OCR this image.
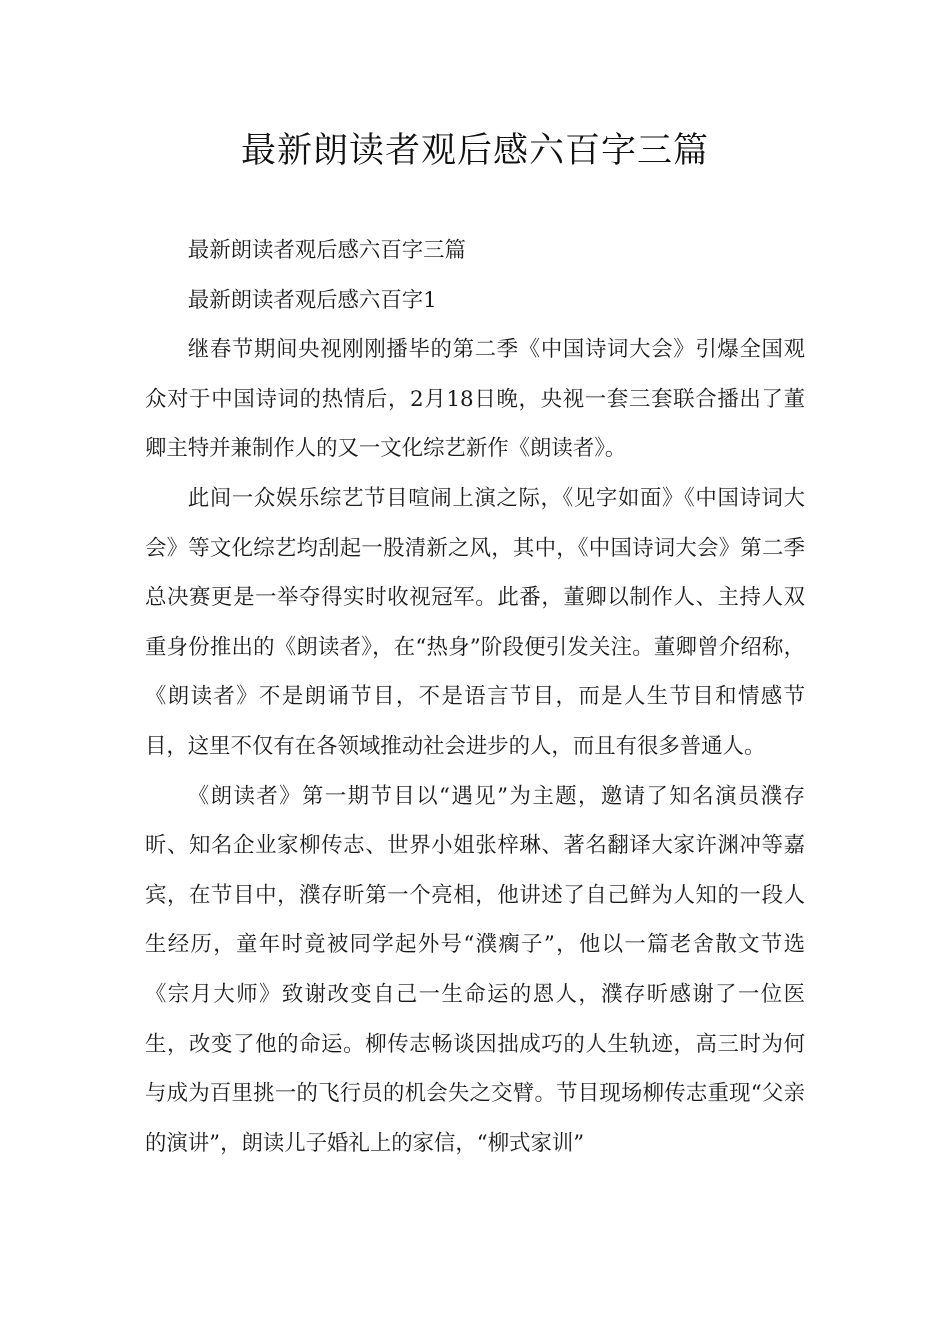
最新朗读者观后感六百字三篇

最新朗读者观后感六百字三篇

最新朗读者观后感六百字1

继春节期间央视刚刚播毕的第二季《中国诗词大会》引爆全国观众对于中国诗词的热情后，2月18日晚，央视一套三套联合播出了董卿主特并兼制作人的又一文化综艺新作《朗读者》。

此间一众娱乐综艺节目喧闹上演之际，《见字如面》《中国诗词大会》等文化综艺均刮起一股清新之风，其中，《中国诗词大会》第二季总决赛更是一举夺得实时收视冠军。此番，董卿以制作人、主持人双重身份推出的《朗读者》，在“热身”阶段便引发关注。董卿曾介绍称，《朗读者》不是朗诵节目，不是语言节目，而是人生节目和情感节目，这里不仅有在各领域推动社会进步的人，而且有很多普通人。

《朗读者》第一期节目以“遇见”为主题，邀请了知名演员濮存昕、知名企业家柳传志、世界小姐张梓琳、著名翻译大家许渊冲等嘉宾，在节目中，濮存昕第一个亮相，他讲述了自己鲜为人知的一段人生经历，童年时竟被同学起外号“濮瘸子”，他以一篇老舍散文节选《宗月大师》致谢改变自己一生命运的恩人，濮存昕感谢了一位医生，改变了他的命运。柳传志畅谈因拙成巧的人生轨迹，高三时为何与成为百里挑一的飞行员的机会失之交臂。节目现场柳传志重现“父亲的演讲”，朗读儿子婚礼上的家信，“柳式家训”
